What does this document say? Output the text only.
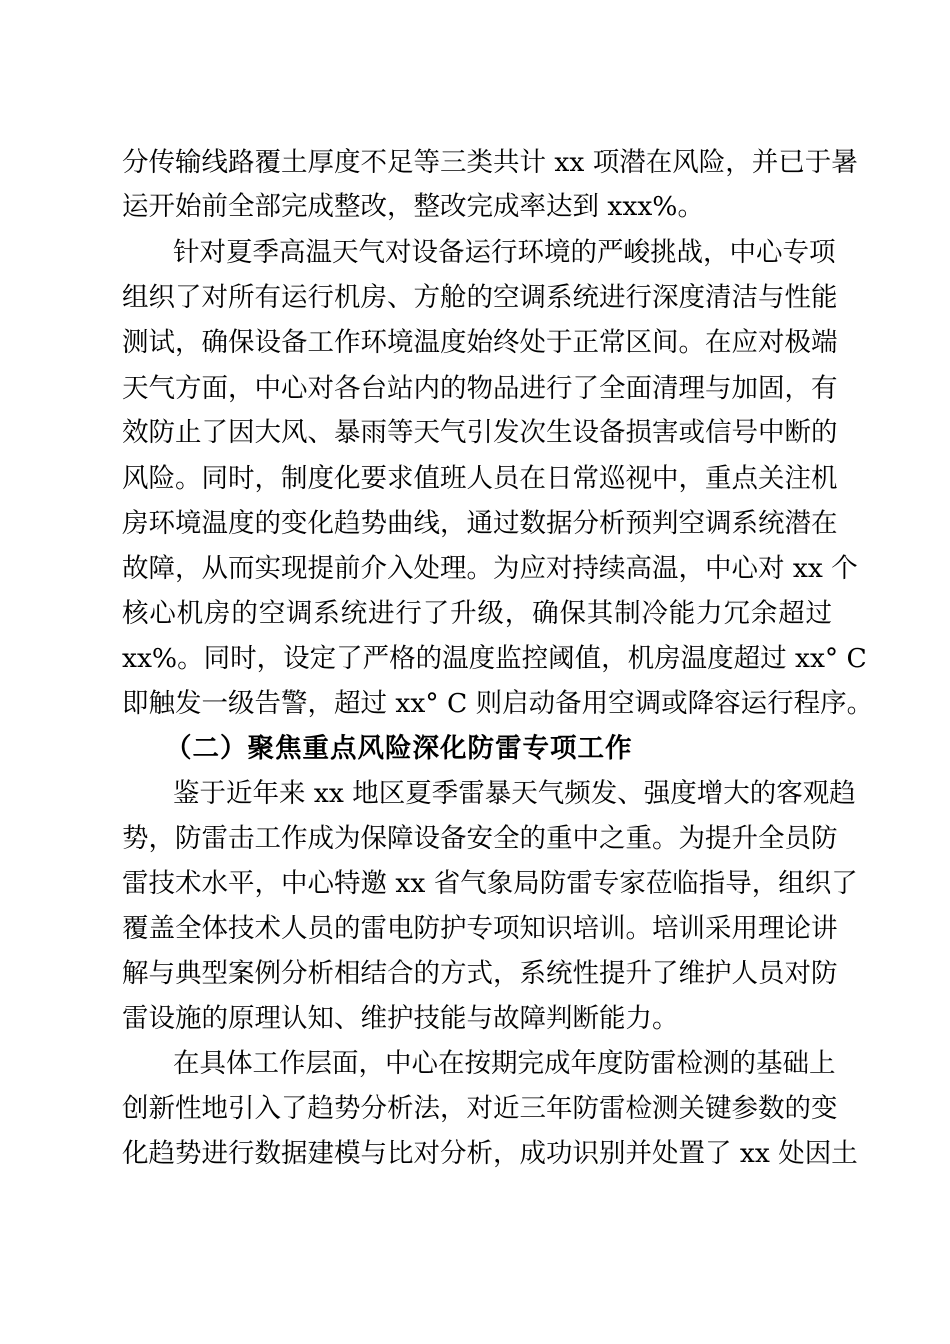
分传输线路覆土厚度不足等三类共计 xx 项潜在风险，并已于暑
运开始前全部完成整改，整改完成率达到 xxx%。
针对夏季高温天气对设备运行环境的严峻挑战，中心专项
组织了对所有运行机房、方舱的空调系统进行深度清洁与性能
测试，确保设备工作环境温度始终处于正常区间。在应对极端
天气方面，中心对各台站内的物品进行了全面清理与加固，有
效防止了因大风、暴雨等天气引发次生设备损害或信号中断的
风险。同时，制度化要求值班人员在日常巡视中，重点关注机
房环境温度的变化趋势曲线，通过数据分析预判空调系统潜在
故障，从而实现提前介入处理。为应对持续高温，中心对 xx 个
核心机房的空调系统进行了升级，确保其制冷能力冗余超过
xx%。同时，设定了严格的温度监控阈值，机房温度超过 xx° C
即触发一级告警，超过 xx° C 则启动备用空调或降容运行程序。
（二）聚焦重点风险深化防雷专项工作
鉴于近年来 xx 地区夏季雷暴天气频发、强度增大的客观趋
势，防雷击工作成为保障设备安全的重中之重。为提升全员防
雷技术水平，中心特邀 xx 省气象局防雷专家莅临指导，组织了
覆盖全体技术人员的雷电防护专项知识培训。培训采用理论讲
解与典型案例分析相结合的方式，系统性提升了维护人员对防
雷设施的原理认知、维护技能与故障判断能力。
在具体工作层面，中心在按期完成年度防雷检测的基础上
创新性地引入了趋势分析法，对近三年防雷检测关键参数的变
化趋势进行数据建模与比对分析，成功识别并处置了 xx 处因土
